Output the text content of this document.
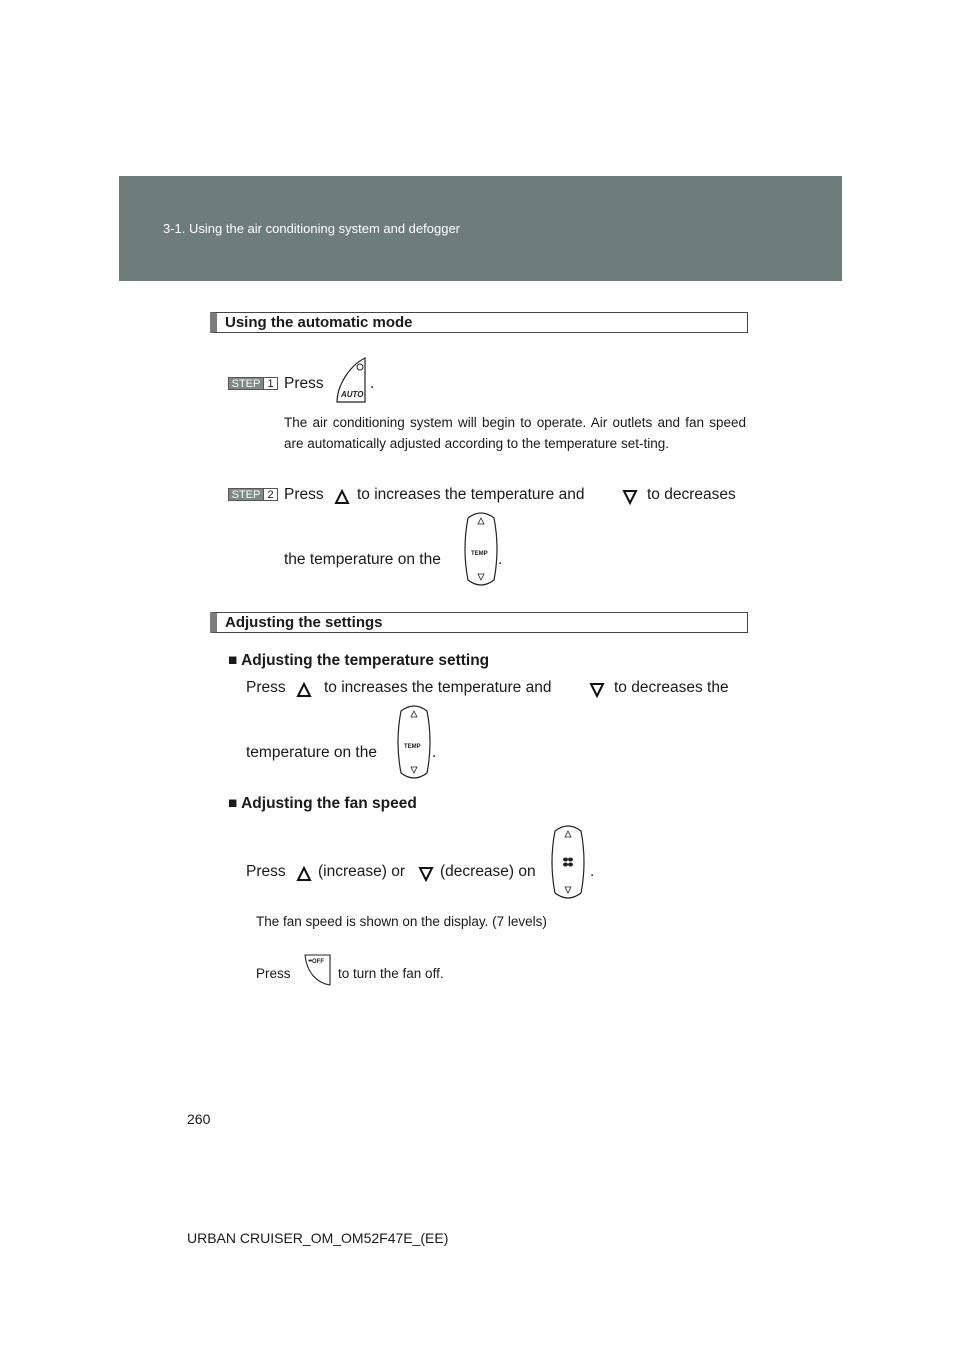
3-1. Using the air conditioning system and defogger
Using the automatic mode
STEP 1 Press
AUTO
.
The air conditioning system will begin to operate. Air outlets and fan speed are automatically adjusted according to the temperature set-ting.
STEP 2 Press to increases the temperature and	to decreases
the temperature on the	TEMP .
Adjusting the settings
■ Adjusting the temperature setting
Press to increases the temperature and	to decreases the
temperature on the	TEMP .
■ Adjusting the fan speed
Press (increase) or (decrease) on	.
The fan speed is shown on the display. (7 levels)
Press
OFF
to turn the fan off.
260
URBAN CRUISER_OM_OM52F47E_(EE)
